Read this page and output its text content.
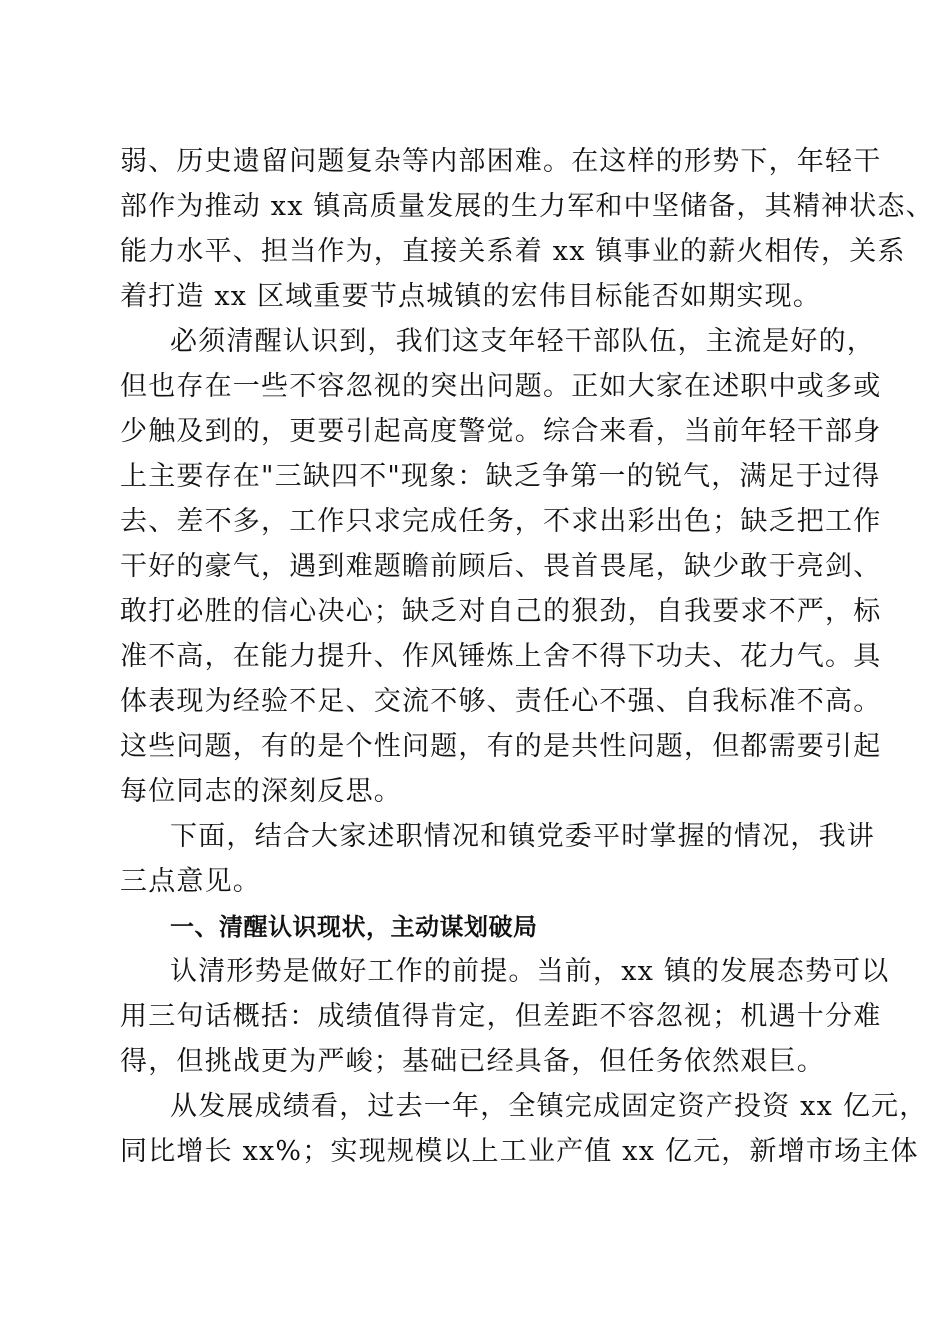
弱、历史遗留问题复杂等内部困难。在这样的形势下，年轻干
部作为推动 xx 镇高质量发展的生力军和中坚储备，其精神状态、
能力水平、担当作为，直接关系着 xx 镇事业的薪火相传，关系
着打造 xx 区域重要节点城镇的宏伟目标能否如期实现。
必须清醒认识到，我们这支年轻干部队伍，主流是好的，
但也存在一些不容忽视的突出问题。正如大家在述职中或多或
少触及到的，更要引起高度警觉。综合来看，当前年轻干部身
上主要存在"三缺四不"现象：缺乏争第一的锐气，满足于过得
去、差不多，工作只求完成任务，不求出彩出色；缺乏把工作
干好的豪气，遇到难题瞻前顾后、畏首畏尾，缺少敢于亮剑、
敢打必胜的信心决心；缺乏对自己的狠劲，自我要求不严，标
准不高，在能力提升、作风锤炼上舍不得下功夫、花力气。具
体表现为经验不足、交流不够、责任心不强、自我标准不高。
这些问题，有的是个性问题，有的是共性问题，但都需要引起
每位同志的深刻反思。
下面，结合大家述职情况和镇党委平时掌握的情况，我讲
三点意见。
一、清醒认识现状，主动谋划破局
认清形势是做好工作的前提。当前，xx 镇的发展态势可以
用三句话概括：成绩值得肯定，但差距不容忽视；机遇十分难
得，但挑战更为严峻；基础已经具备，但任务依然艰巨。
从发展成绩看，过去一年，全镇完成固定资产投资 xx 亿元，
同比增长 xx%；实现规模以上工业产值 xx 亿元，新增市场主体
